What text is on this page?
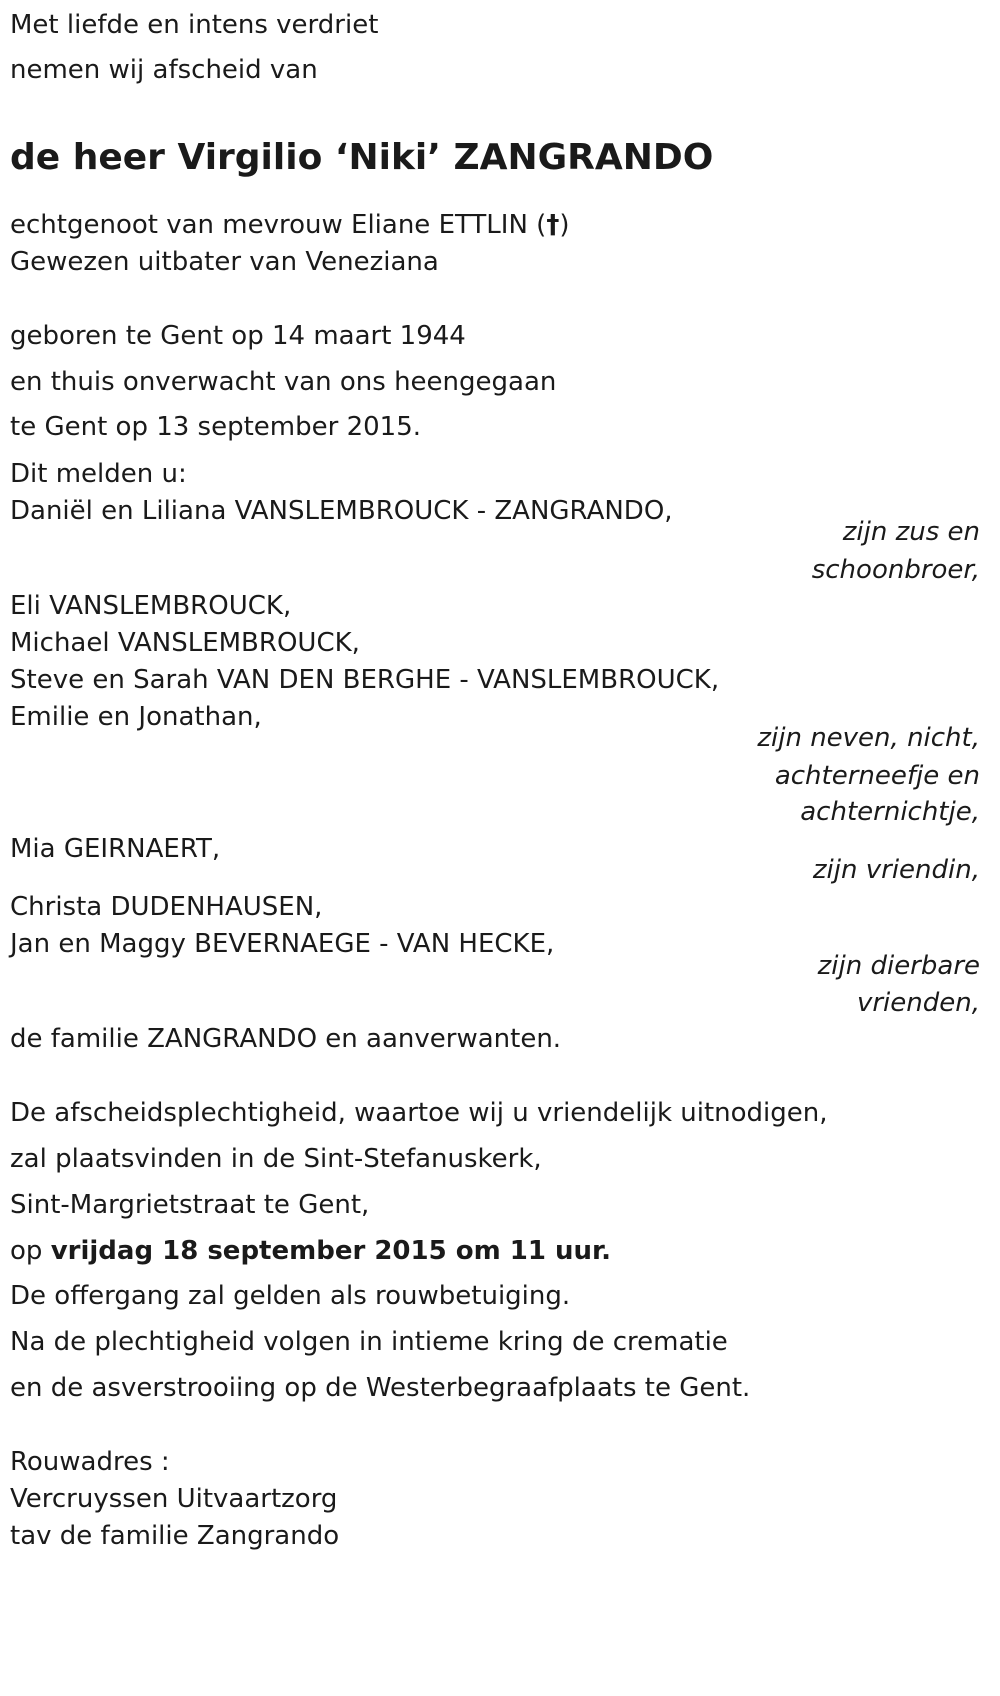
Met liefde en intens verdriet
nemen wij afscheid van
de heer Virgilio ‘Niki’ ZANGRANDO
echtgenoot van mevrouw Eliane ETTLIN (†)
Gewezen uitbater van Veneziana
geboren te Gent op 14 maart 1944
en thuis onverwacht van ons heengegaan
te Gent op 13 september 2015.
Dit melden u:
Daniël en Liliana VANSLEMBROUCK - ZANGRANDO,
zijn zus en
schoonbroer,
Eli VANSLEMBROUCK,
Michael VANSLEMBROUCK,
Steve en Sarah VAN DEN BERGHE - VANSLEMBROUCK,
Emilie en Jonathan,
zijn neven, nicht,
achterneefje en
achternichtje,
Mia GEIRNAERT,
zijn vriendin,
Christa DUDENHAUSEN,
Jan en Maggy BEVERNAEGE - VAN HECKE,
zijn dierbare
vrienden,
de familie ZANGRANDO en aanverwanten.
De afscheidsplechtigheid, waartoe wij u vriendelijk uitnodigen,
zal plaatsvinden in de Sint-Stefanuskerk,
Sint-Margrietstraat te Gent,
op vrijdag 18 september 2015 om 11 uur.
De offergang zal gelden als rouwbetuiging.
Na de plechtigheid volgen in intieme kring de crematie
en de asverstrooiing op de Westerbegraafplaats te Gent.
Rouwadres :
Vercruyssen Uitvaartzorg
tav de familie Zangrando
